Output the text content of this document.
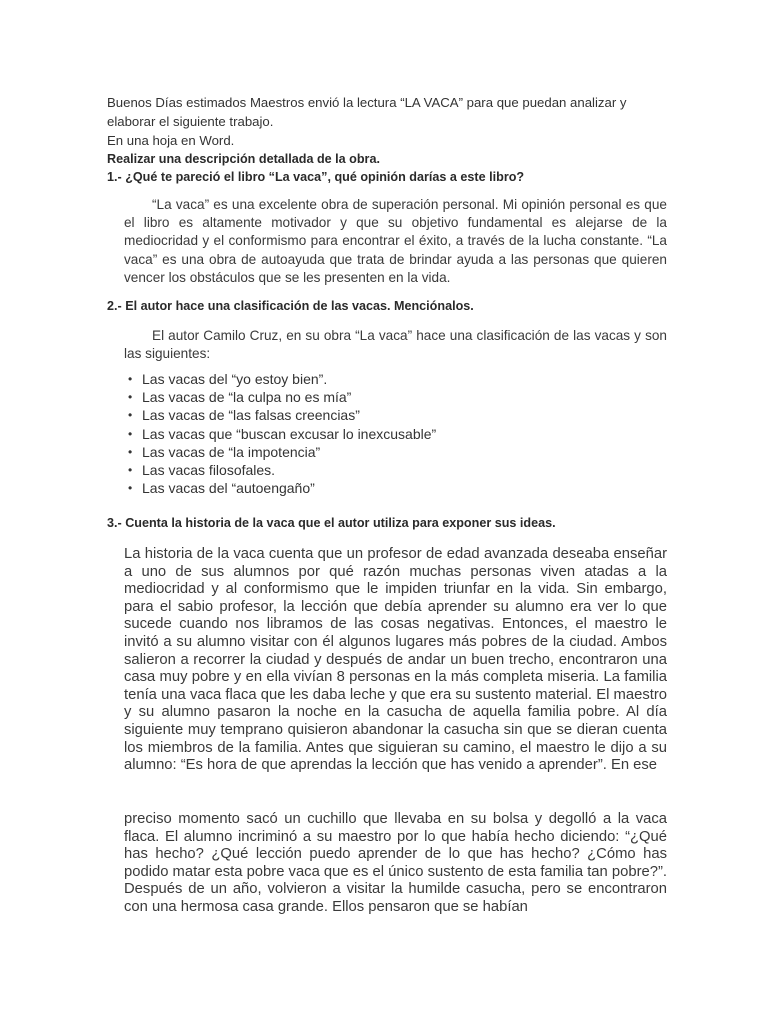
Buenos Días estimados Maestros envió la lectura “LA VACA” para que puedan analizar y elaborar el siguiente trabajo.

En una hoja en Word.

Realizar una descripción detallada de la obra.

1.- ¿Qué te pareció el libro “La vaca”, qué opinión darías a este libro?

“La vaca” es una excelente obra de superación personal. Mi opinión personal es que el libro es altamente motivador y que su objetivo fundamental es alejarse de la mediocridad y el conformismo para encontrar el éxito, a través de la lucha constante. “La vaca” es una obra de autoayuda que trata de brindar ayuda a las personas que quieren vencer los obstáculos que se les presenten en la vida.

2.- El autor hace una clasificación de las vacas. Menciónalos.

El autor Camilo Cruz, en su obra “La vaca” hace una clasificación de las vacas y son las siguientes:

• Las vacas del “yo estoy bien”.
• Las vacas de “la culpa no es mía”
• Las vacas de “las falsas creencias”
• Las vacas que “buscan excusar lo inexcusable”
• Las vacas de “la impotencia”
• Las vacas filosofales.
• Las vacas del “autoengaño”
3.- Cuenta la historia de la vaca que el autor utiliza para exponer sus ideas.

La historia de la vaca cuenta que un profesor de edad avanzada deseaba enseñar a uno de sus alumnos por qué razón muchas personas viven atadas a la mediocridad y al conformismo que le impiden triunfar en la vida. Sin embargo, para el sabio profesor, la lección que debía aprender su alumno era ver lo que sucede cuando nos libramos de las cosas negativas. Entonces, el maestro le invitó a su alumno visitar con él algunos lugares más pobres de la ciudad. Ambos salieron a recorrer la ciudad y después de andar un buen trecho, encontraron una casa muy pobre y en ella vivían 8 personas en la más completa miseria. La familia tenía una vaca flaca que les daba leche y que era su sustento material. El maestro y su alumno pasaron la noche en la casucha de aquella familia pobre. Al día siguiente muy temprano quisieron abandonar la casucha sin que se dieran cuenta los miembros de la familia. Antes que siguieran su camino, el maestro le dijo a su alumno: “Es hora de que aprendas la lección que has venido a aprender”. En ese

preciso momento sacó un cuchillo que llevaba en su bolsa y degolló a la vaca flaca. El alumno incriminó a su maestro por lo que había hecho diciendo: “¿Qué has hecho? ¿Qué lección puedo aprender de lo que has hecho? ¿Cómo has podido matar esta pobre vaca que es el único sustento de esta familia tan pobre?”. Después de un año, volvieron a visitar la humilde casucha, pero se encontraron con una hermosa casa grande. Ellos pensaron que se habían
